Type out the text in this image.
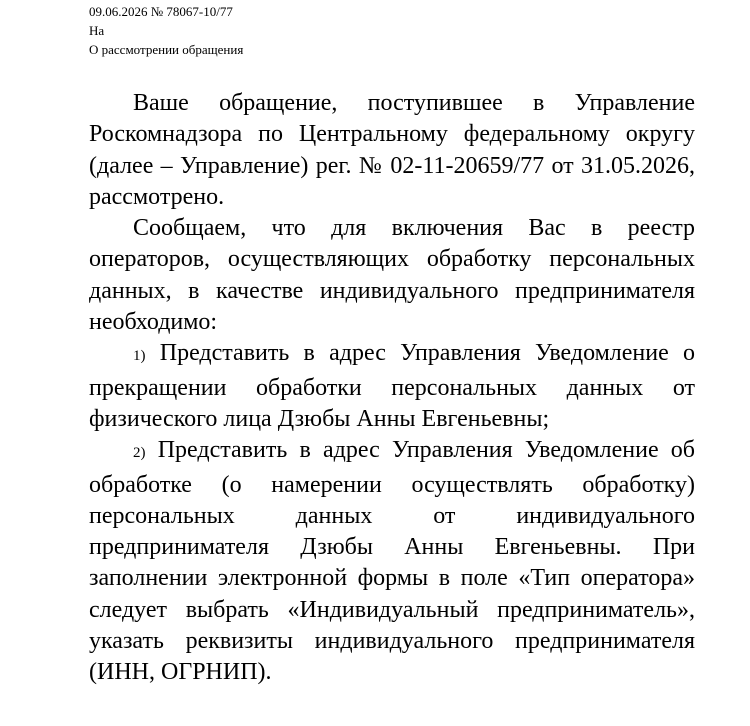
09.06.2026 № 78067-10/77
На
О рассмотрении обращения

Ваше обращение, поступившее в Управление Роскомнадзора по Центральному федеральному округу (далее – Управление) рег. № 02-11-20659/77 от 31.05.2026, рассмотрено.

Сообщаем, что для включения Вас в реестр операторов, осуществляющих обработку персональных данных, в качестве индивидуального предпринимателя необходимо:

1) Представить в адрес Управления Уведомление о прекращении обработки персональных данных от физического лица Дзюбы Анны Евгеньевны;

2) Представить в адрес Управления Уведомление об обработке (о намерении осуществлять обработку) персональных данных от индивидуального предпринимателя Дзюбы Анны Евгеньевны. При заполнении электронной формы в поле «Тип оператора» следует выбрать «Индивидуальный предприниматель», указать реквизиты индивидуального предпринимателя (ИНН, ОГРНИП).
